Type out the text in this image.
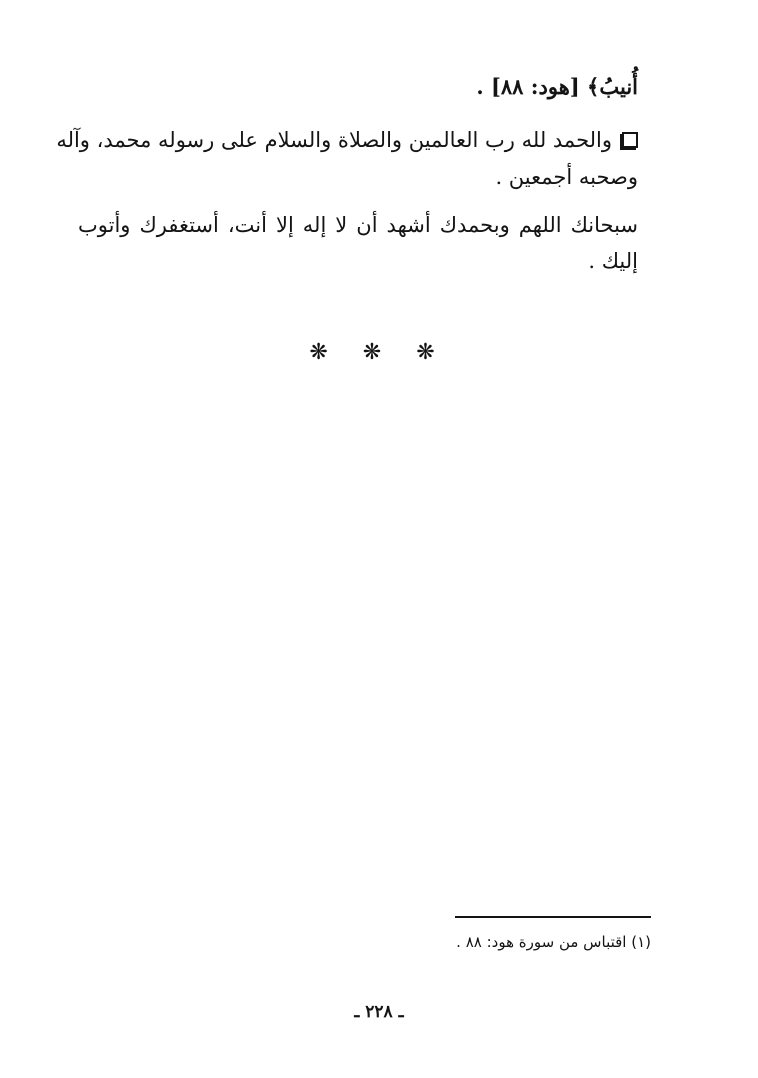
أُنيبُ﴾ [هود: ٨٨] .
والحمد لله رب العالمين والصلاة والسلام على رسوله محمد، وآله
وصحبه أجمعين .
سبحانك اللهم وبحمدك أشهد أن لا إله إلا أنت، أستغفرك وأتوب
إليك .
❋ ❋ ❋
(١) اقتباس من سورة هود: ٨٨ .
ـ ٢٢٨ ـ
